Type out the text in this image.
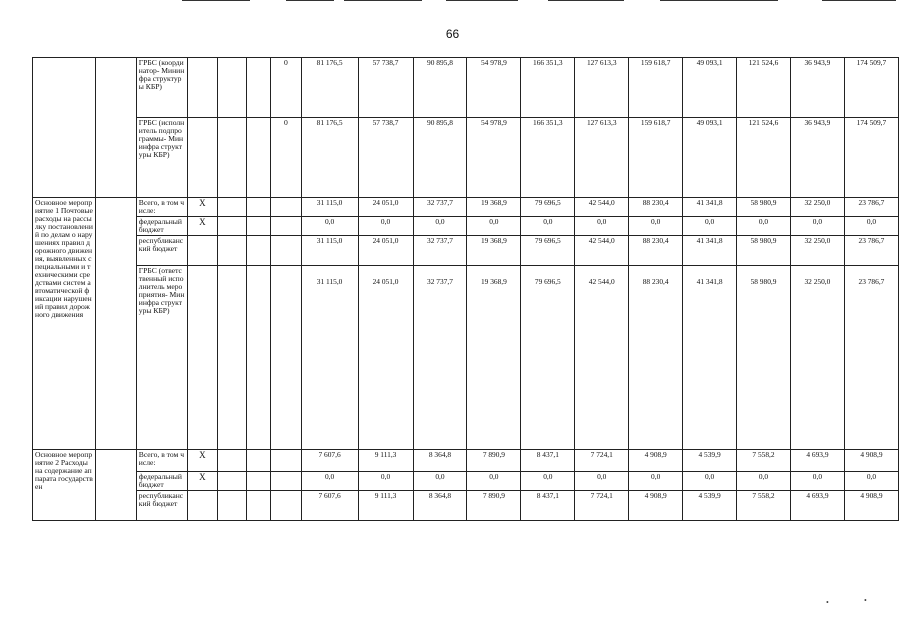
66
		ГРБС (координатор- Мининфра структуры КБР)				0	81 176,5	57 738,7	90 895,8	54 978,9	166 351,3	127 613,3	159 618,7	49 093,1	121 524,6	36 943,9	174 509,7
		ГРБС (исполнитель подпрограммы- Мининфра структуры КБР)				0	81 176,5	57 738,7	90 895,8	54 978,9	166 351,3	127 613,3	159 618,7	49 093,1	121 524,6	36 943,9	174 509,7
Основное мероприятие 1 Почтовые расходы на рассылку постановлений по делам о нарушениях правил дорожного движения, выявленных специальными и техническими средствами систем автоматической фиксации нарушений правил дорожного движения		Всего, в том числе:	X				31 115,0	24 051,0	32 737,7	19 368,9	79 696,5	42 544,0	88 230,4	41 341,8	58 980,9	32 250,0	23 786,7
		федеральный бюджет	X				0,0	0,0	0,0	0,0	0,0	0,0	0,0	0,0	0,0	0,0	0,0
		республиканский бюджет					31 115,0	24 051,0	32 737,7	19 368,9	79 696,5	42 544,0	88 230,4	41 341,8	58 980,9	32 250,0	23 786,7
		ГРБС (ответственный исполнитель мероприятия- Мининфра структуры КБР)					31 115,0	24 051,0	32 737,7	19 368,9	79 696,5	42 544,0	88 230,4	41 341,8	58 980,9	32 250,0	23 786,7
Основное мероприятие 2 Расходы на содержание аппарата государствен		Всего, в том числе:	X				7 607,6	9 111,3	8 364,8	7 890,9	8 437,1	7 724,1	4 908,9	4 539,9	7 558,2	4 693,9	4 908,9
		федеральный бюджет	X				0,0	0,0	0,0	0,0	0,0	0,0	0,0	0,0	0,0	0,0	0,0
		республиканский бюджет					7 607,6	9 111,3	8 364,8	7 890,9	8 437,1	7 724,1	4 908,9	4 539,9	7 558,2	4 693,9	4 908,9
•	•
